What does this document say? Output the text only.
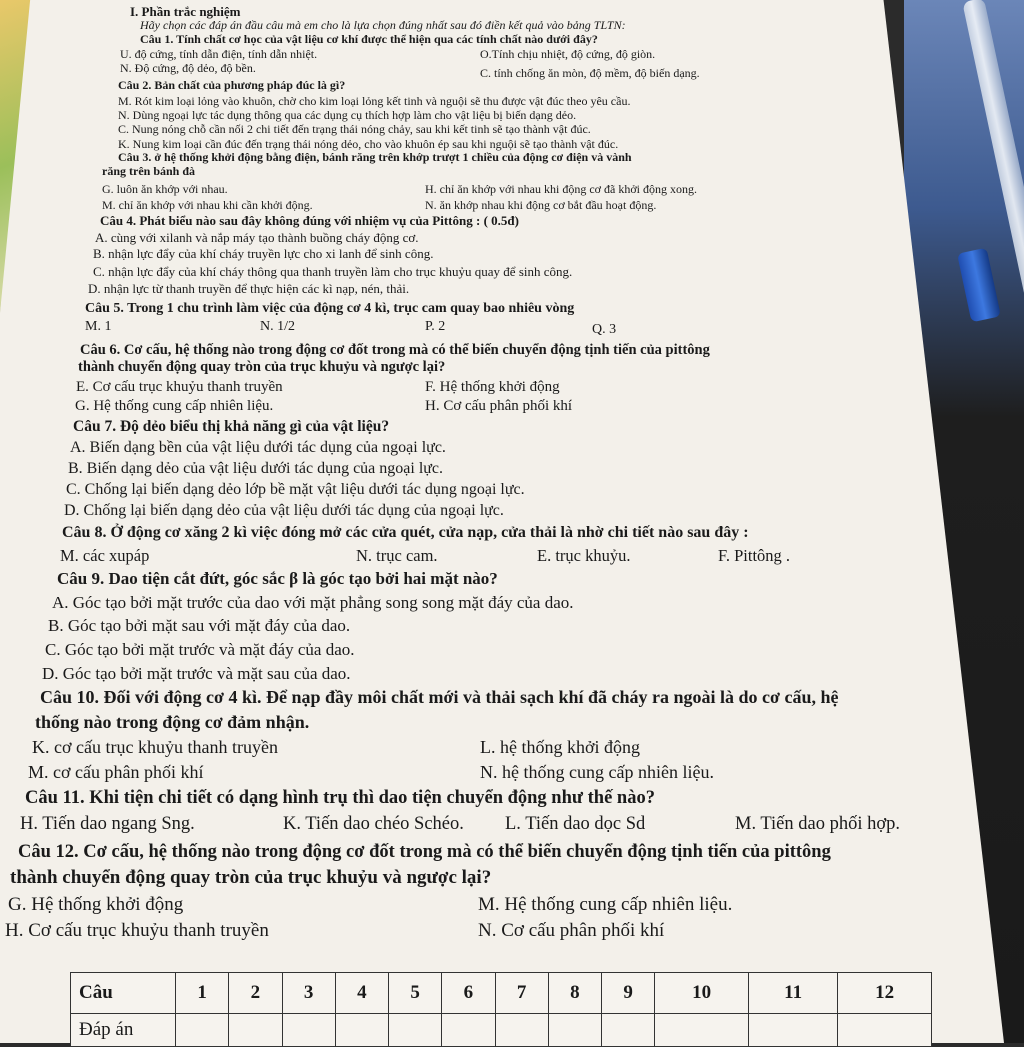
I. Phần trắc nghiệm
Hãy chọn các đáp án đầu câu mà em cho là lựa chọn đúng nhất sau đó điền kết quả vào bảng TLTN:
Câu 1. Tính chất cơ học của vật liệu cơ khí được thể hiện qua các tính chất nào dưới đây?
U. độ cứng, tính dẫn điện, tính dẫn nhiệt.	O.Tính chịu nhiệt, độ cứng, độ giòn.
N. Độ cứng, độ dẻo, độ bền.	C. tính chống ăn mòn, độ mềm, độ biến dạng.
Câu 2. Bản chất của phương pháp đúc là gì?
M. Rót kim loại lỏng vào khuôn, chờ cho kim loại lỏng kết tinh và nguội sẽ thu được vật đúc theo yêu cầu.
N. Dùng ngoại lực tác dụng thông qua các dụng cụ thích hợp làm cho vật liệu bị biến dạng dẻo.
C. Nung nóng chỗ cần nối 2 chi tiết đến trạng thái nóng chảy, sau khi kết tinh sẽ tạo thành vật đúc.
K. Nung kim loại cần đúc đến trạng thái nóng dẻo, cho vào khuôn ép sau khi nguội sẽ tạo thành vật đúc.
Câu 3. ở hệ thống khởi động bằng điện, bánh răng trên khớp trượt 1 chiều của động cơ điện và vành
răng trên bánh đà
G. luôn ăn khớp với nhau.	H. chỉ ăn khớp với nhau khi động cơ đã khởi động xong.
M. chỉ ăn khớp với nhau khi cần khởi động.	N. ăn khớp nhau khi động cơ bắt đầu hoạt động.
Câu 4. Phát biểu nào sau đây không đúng với nhiệm vụ của Pittông : ( 0.5đ)
A. cùng với xilanh và nắp máy tạo thành buồng cháy động cơ.
B. nhận lực đẩy của khí cháy truyền lực cho xi lanh để sinh công.
C. nhận lực đẩy của khí cháy thông qua thanh truyền làm cho trục khuỷu quay để sinh công.
D. nhận lực từ thanh truyền để thực hiện các kì nạp, nén, thải.
Câu 5. Trong 1 chu trình làm việc của động cơ 4 kì, trục cam quay bao nhiêu vòng
M. 1	N. 1/2	P. 2	Q. 3
Câu 6. Cơ cấu, hệ thống nào trong động cơ đốt trong mà có thể biến chuyển động tịnh tiến của pittông
thành chuyển động quay tròn của trục khuỷu và ngược lại?
E. Cơ cấu trục khuỷu thanh truyền	F. Hệ thống khởi động
G. Hệ thống cung cấp nhiên liệu.	H. Cơ cấu phân phối khí
Câu 7. Độ dẻo biểu thị khả năng gì của vật liệu?
A. Biến dạng bền của vật liệu dưới tác dụng của ngoại lực.
B. Biến dạng dẻo của vật liệu dưới tác dụng của ngoại lực.
C. Chống lại biến dạng dẻo lớp bề mặt vật liệu dưới tác dụng ngoại lực.
D. Chống lại biến dạng dẻo của vật liệu dưới tác dụng của ngoại lực.
Câu 8. Ở động cơ xăng 2 kì việc đóng mở các cửa quét, cửa nạp, cửa thải là nhờ chi tiết nào sau đây :
M. các xupáp	N. trục cam.	E. trục khuỷu.	F. Pittông .
Câu 9. Dao tiện cắt đứt, góc sắc β là góc tạo bởi hai mặt nào?
A. Góc tạo bởi mặt trước của dao với mặt phẳng song song mặt đáy của dao.
B. Góc tạo bởi mặt sau với mặt đáy của dao.
C. Góc tạo bởi mặt trước và mặt đáy của dao.
D. Góc tạo bởi mặt trước và mặt sau của dao.
Câu 10. Đối với động cơ 4 kì. Để nạp đầy môi chất mới và thải sạch khí đã cháy ra ngoài là do cơ cấu, hệ
thống nào trong động cơ đảm nhận.
K. cơ cấu trục khuỷu thanh truyền	L. hệ thống khởi động
M. cơ cấu phân phối khí	N. hệ thống cung cấp nhiên liệu.
Câu 11. Khi tiện chi tiết có dạng hình trụ thì dao tiện chuyển động như thế nào?
H. Tiến dao ngang Sng.	K. Tiến dao chéo Schéo. L. Tiến dao dọc Sd	M. Tiến dao phối hợp.
Câu 12. Cơ cấu, hệ thống nào trong động cơ đốt trong mà có thể biến chuyển động tịnh tiến của pittông
thành chuyển động quay tròn của trục khuỷu và ngược lại?
G. Hệ thống khởi động	M. Hệ thống cung cấp nhiên liệu.
H. Cơ cấu trục khuỷu thanh truyền	N. Cơ cấu phân phối khí
Câu	1	2	3	4	5	6	7	8	9	10	11	12
Đáp án												
